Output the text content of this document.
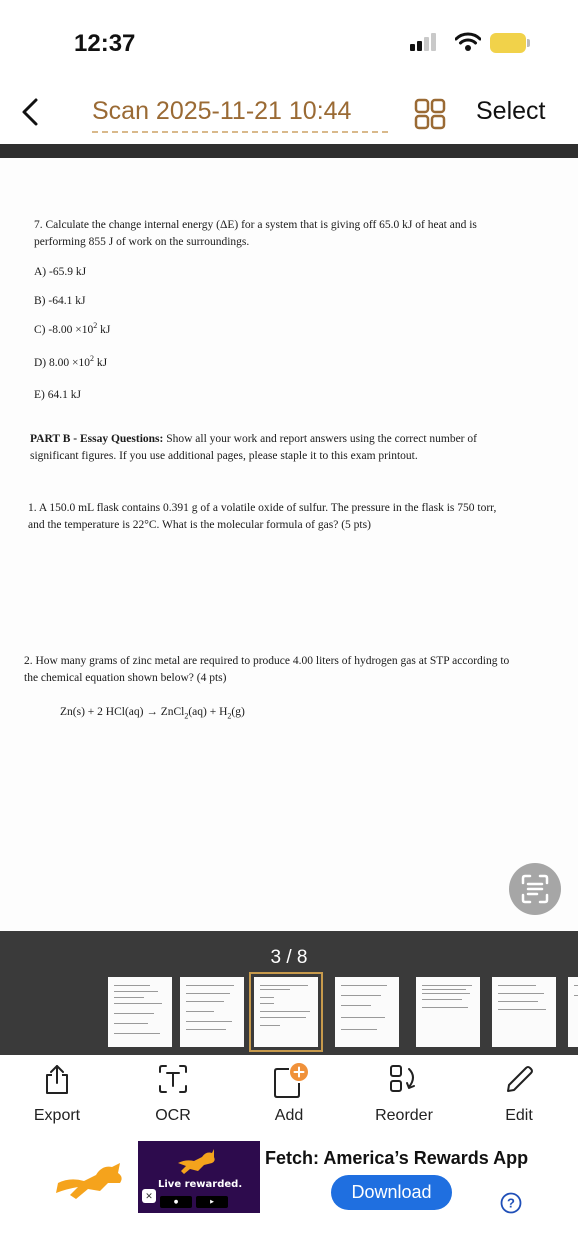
12:37
Scan 2025-11-21 10:44	Select
7. Calculate the change internal energy (ΔE) for a system that is giving off 65.0 kJ of heat and is
performing 855 J of work on the surroundings.
A) -65.9 kJ
B) -64.1 kJ
C) $-8.00 \times 10^2$ kJ
D) $8.00 \times 10^2$ kJ
E) 64.1 kJ
PART B - Essay Questions: Show all your work and report answers using the correct number of
significant figures. If you use additional pages, please staple it to this exam printout.
1. A 150.0 mL flask contains 0.391 g of a volatile oxide of sulfur. The pressure in the flask is 750 torr,
and the temperature is 22°C. What is the molecular formula of gas? (5 pts)
2. How many grams of zinc metal are required to produce 4.00 liters of hydrogen gas at STP according to
the chemical equation shown below? (4 pts)
Zn(s) + 2 HCl(aq) → ZnCl$_2$(aq) + $H_2(g)$
3 / 8
Export	OCR	Add	Reorder	Edit
Live rewarded.
✕
●	▶
Fetch: America’s Rewards App
Download
?
